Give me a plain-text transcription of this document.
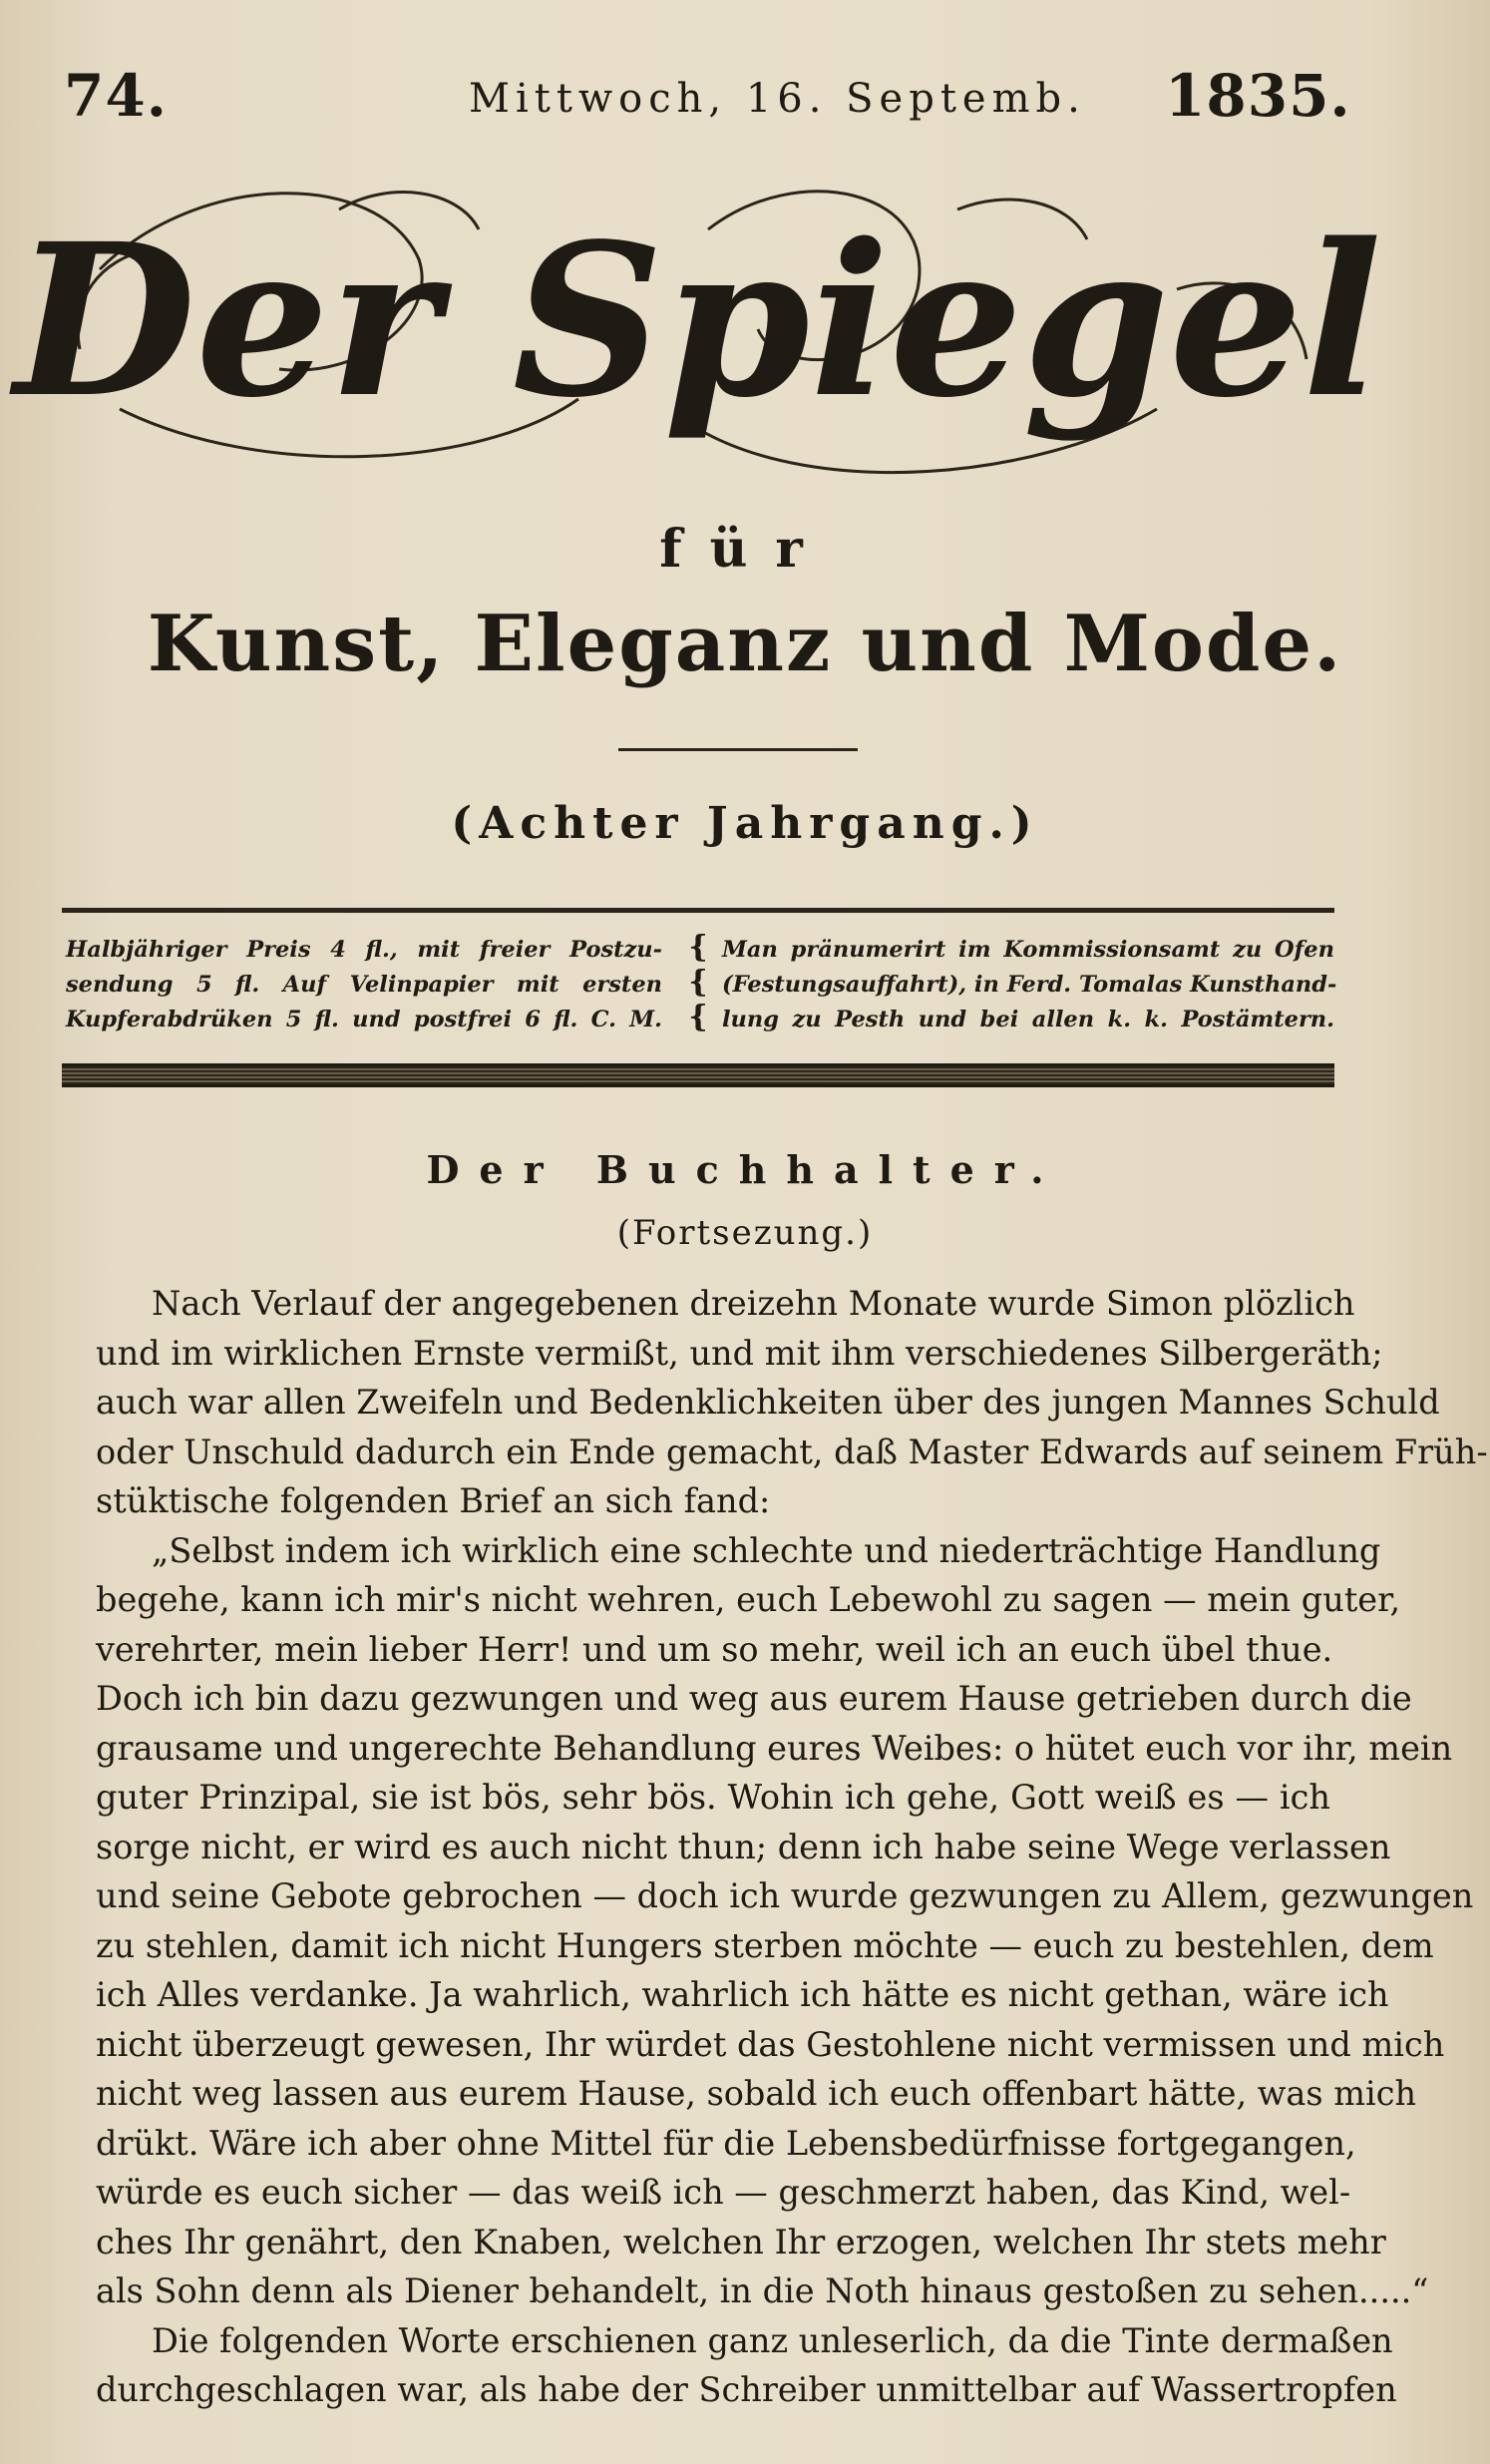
74.	Mittwoch, 16. Septemb. 1835.
Der Spiegel
für
Kunst, Eleganz und Mode.
(Achter Jahrgang.)
Halbjähriger Preis 4 fl., mit freier Postzu-
sendung 5 fl. Auf Velinpapier mit ersten
Kupferabdrüken 5 fl. und postfrei 6 fl. C. M.
{
{
{
Man pränumerirt im Kommissionsamt zu Ofen
(Festungsauffahrt), in Ferd. Tomalas Kunsthand-
lung zu Pesth und bei allen k. k. Postämtern.
Der Buchhalter.
(Fortsezung.)
Nach Verlauf der angegebenen dreizehn Monate wurde Simon plözlich
und im wirklichen Ernste vermißt, und mit ihm verschiedenes Silbergeräth;
auch war allen Zweifeln und Bedenklichkeiten über des jungen Mannes Schuld
oder Unschuld dadurch ein Ende gemacht, daß Master Edwards auf seinem Früh-
stüktische folgenden Brief an sich fand:
„Selbst indem ich wirklich eine schlechte und niederträchtige Handlung
begehe, kann ich mir's nicht wehren, euch Lebewohl zu sagen — mein guter,
verehrter, mein lieber Herr! und um so mehr, weil ich an euch übel thue.
Doch ich bin dazu gezwungen und weg aus eurem Hause getrieben durch die
grausame und ungerechte Behandlung eures Weibes: o hütet euch vor ihr, mein
guter Prinzipal, sie ist bös, sehr bös. Wohin ich gehe, Gott weiß es — ich
sorge nicht, er wird es auch nicht thun; denn ich habe seine Wege verlassen
und seine Gebote gebrochen — doch ich wurde gezwungen zu Allem, gezwungen
zu stehlen, damit ich nicht Hungers sterben möchte — euch zu bestehlen, dem
ich Alles verdanke. Ja wahrlich, wahrlich ich hätte es nicht gethan, wäre ich
nicht überzeugt gewesen, Ihr würdet das Gestohlene nicht vermissen und mich
nicht weg lassen aus eurem Hause, sobald ich euch offenbart hätte, was mich
drükt. Wäre ich aber ohne Mittel für die Lebensbedürfnisse fortgegangen,
würde es euch sicher — das weiß ich — geschmerzt haben, das Kind, wel-
ches Ihr genährt, den Knaben, welchen Ihr erzogen, welchen Ihr stets mehr
als Sohn denn als Diener behandelt, in die Noth hinaus gestoßen zu sehen.....“
Die folgenden Worte erschienen ganz unleserlich, da die Tinte dermaßen
durchgeschlagen war, als habe der Schreiber unmittelbar auf Wassertropfen
